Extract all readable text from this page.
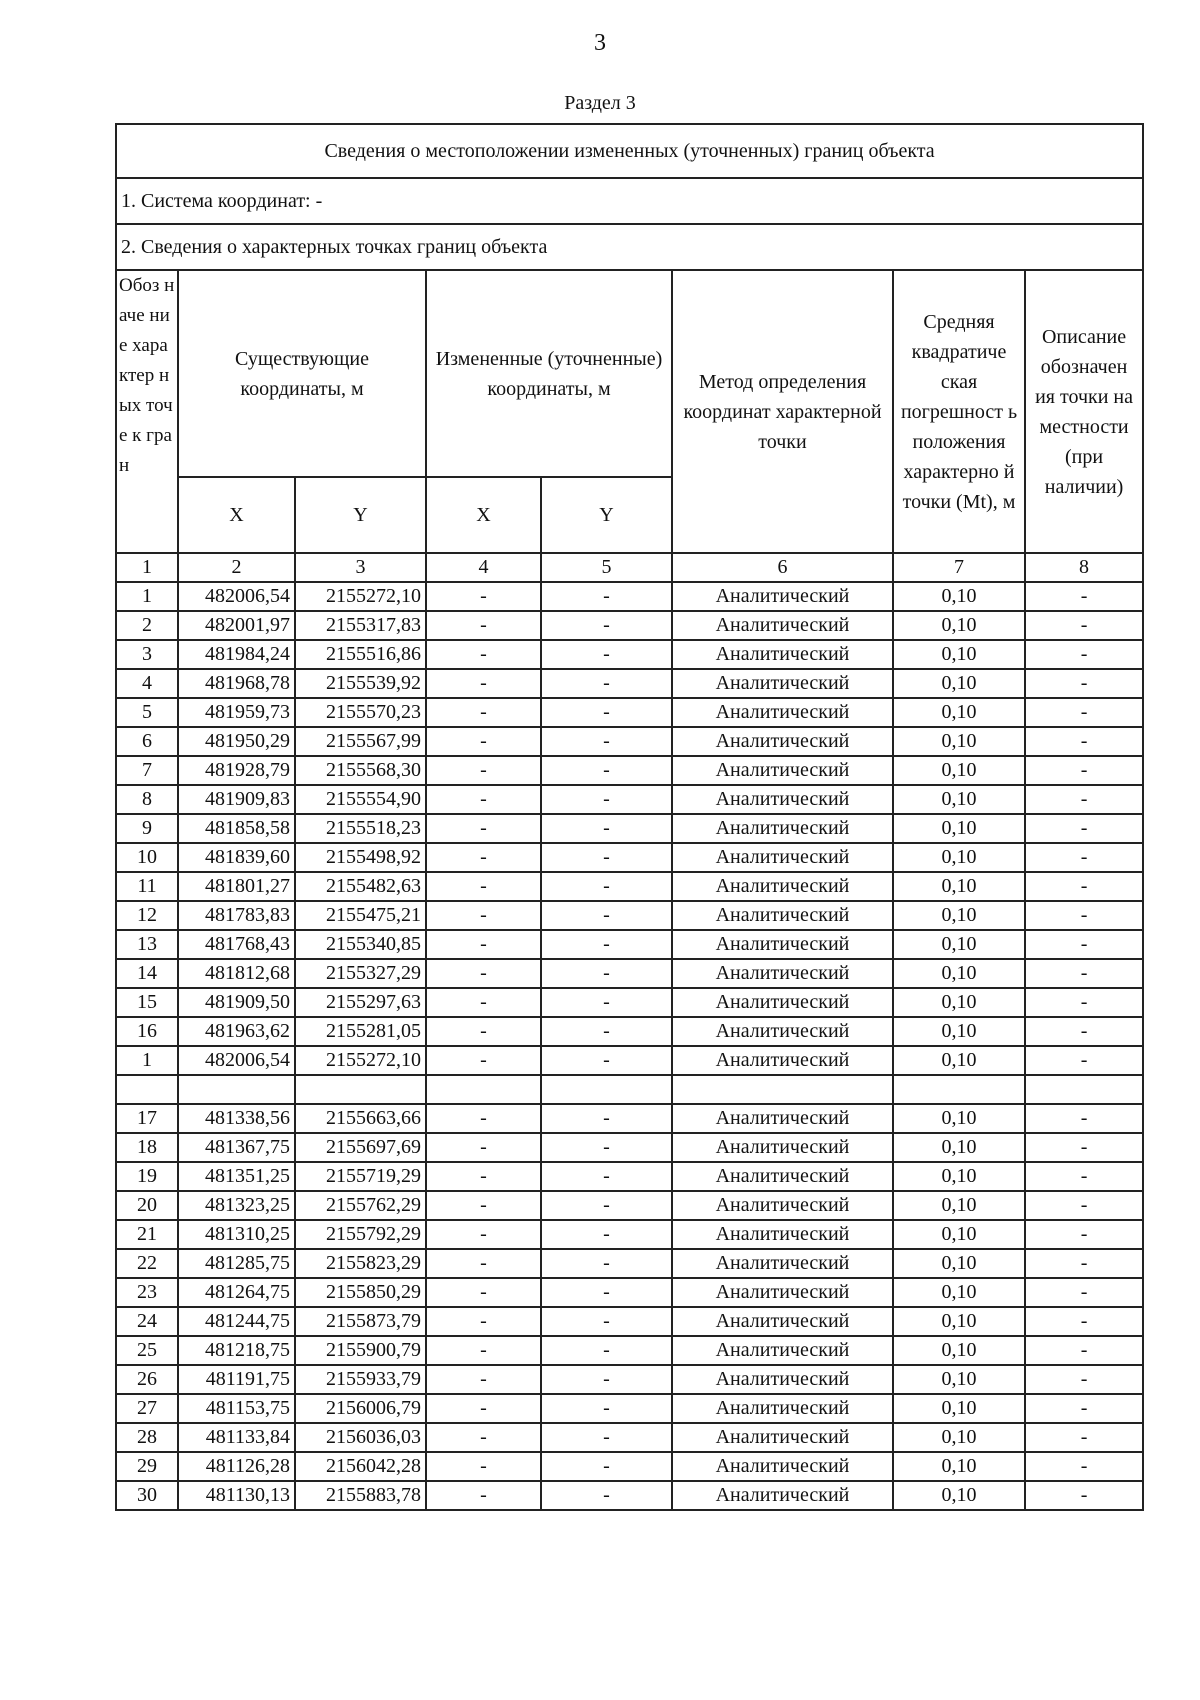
3
Раздел 3
Сведения о местоположении измененных (уточненных) границ объекта							
1. Система координат: -							
2. Сведения о характерных точках границ объекта							
Обоз наче ние хара ктер ных точе к гран	Существующие координаты, м		Измененные (уточненные) координаты, м		Метод определения координат характерной точки	Средняя квадратиче ская погрешност ь положения характерно й точки (Mt), м	Описание обозначен ия точки на местности (при наличии)
	X	Y	X	Y			
1	2	3	4	5	6	7	8
1	482006,54	2155272,10	-	-	Аналитический	0,10	-
2	482001,97	2155317,83	-	-	Аналитический	0,10	-
3	481984,24	2155516,86	-	-	Аналитический	0,10	-
4	481968,78	2155539,92	-	-	Аналитический	0,10	-
5	481959,73	2155570,23	-	-	Аналитический	0,10	-
6	481950,29	2155567,99	-	-	Аналитический	0,10	-
7	481928,79	2155568,30	-	-	Аналитический	0,10	-
8	481909,83	2155554,90	-	-	Аналитический	0,10	-
9	481858,58	2155518,23	-	-	Аналитический	0,10	-
10	481839,60	2155498,92	-	-	Аналитический	0,10	-
11	481801,27	2155482,63	-	-	Аналитический	0,10	-
12	481783,83	2155475,21	-	-	Аналитический	0,10	-
13	481768,43	2155340,85	-	-	Аналитический	0,10	-
14	481812,68	2155327,29	-	-	Аналитический	0,10	-
15	481909,50	2155297,63	-	-	Аналитический	0,10	-
16	481963,62	2155281,05	-	-	Аналитический	0,10	-
1	482006,54	2155272,10	-	-	Аналитический	0,10	-

17	481338,56	2155663,66	-	-	Аналитический	0,10	-
18	481367,75	2155697,69	-	-	Аналитический	0,10	-
19	481351,25	2155719,29	-	-	Аналитический	0,10	-
20	481323,25	2155762,29	-	-	Аналитический	0,10	-
21	481310,25	2155792,29	-	-	Аналитический	0,10	-
22	481285,75	2155823,29	-	-	Аналитический	0,10	-
23	481264,75	2155850,29	-	-	Аналитический	0,10	-
24	481244,75	2155873,79	-	-	Аналитический	0,10	-
25	481218,75	2155900,79	-	-	Аналитический	0,10	-
26	481191,75	2155933,79	-	-	Аналитический	0,10	-
27	481153,75	2156006,79	-	-	Аналитический	0,10	-
28	481133,84	2156036,03	-	-	Аналитический	0,10	-
29	481126,28	2156042,28	-	-	Аналитический	0,10	-
30	481130,13	2155883,78	-	-	Аналитический	0,10	-
